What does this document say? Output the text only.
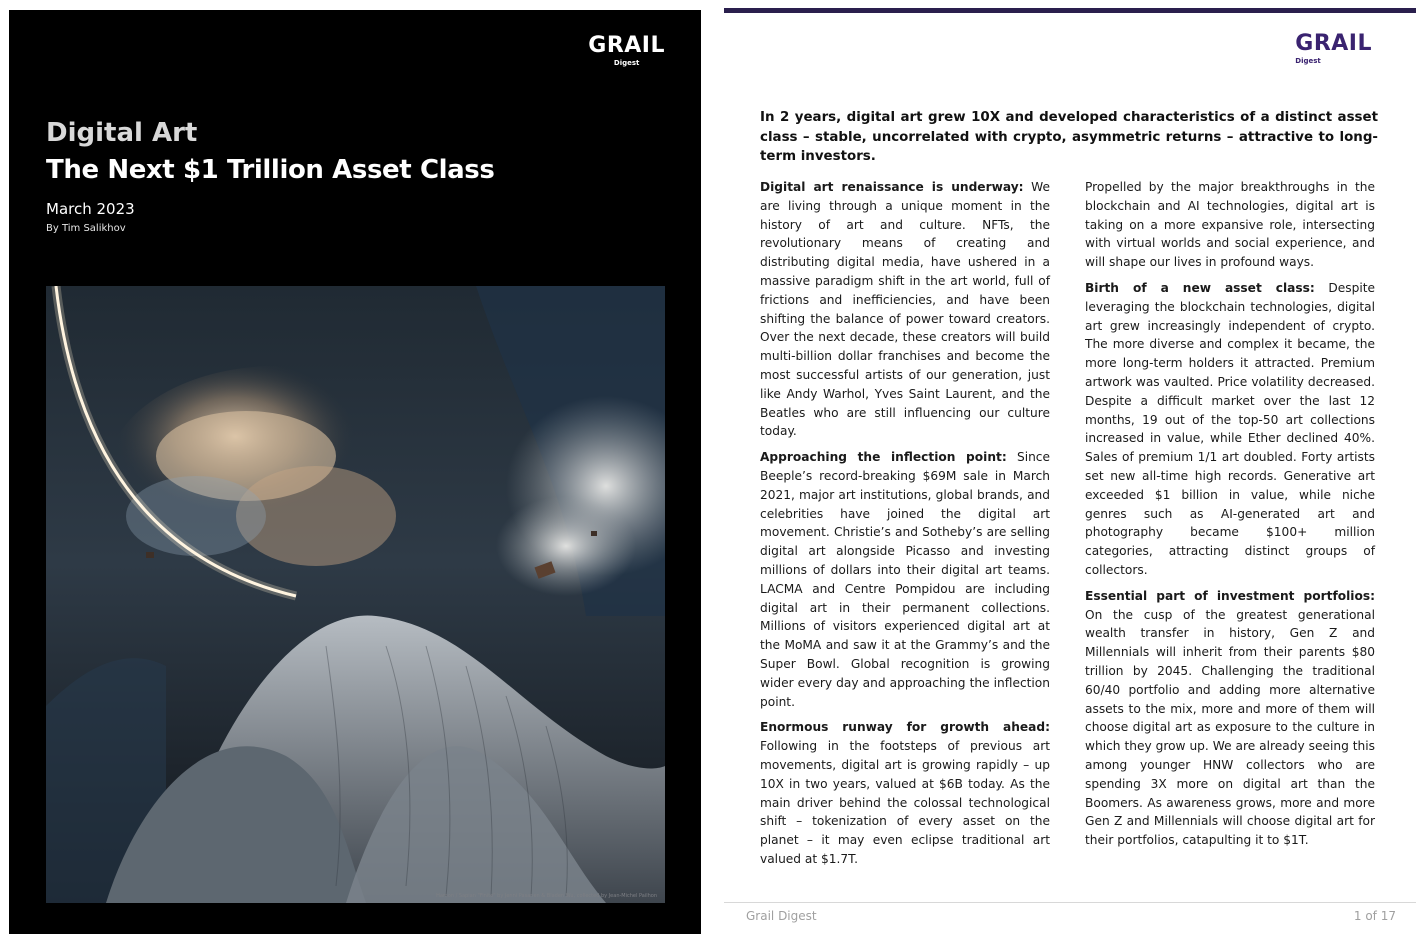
GRAIL
Digest
Digital Art
The Next $1 Trillion Asset Class
March 2023
By Tim Salikhov
Hamon / Sapian "Finite" by Jenni Pasanen & Bladen Wu, collected by Jean-Michel Pailhon
GRAIL
Digest

In 2 years, digital art grew 10X and developed characteristics of a distinct asset class – stable, uncorrelated with crypto, asymmetric returns – attractive to long-term investors.

Digital art renaissance is underway: We are living through a unique moment in the history of art and culture. NFTs, the revolutionary means of creating and distributing digital media, have ushered in a massive paradigm shift in the art world, full of frictions and inefficiencies, and have been shifting the balance of power toward creators. Over the next decade, these creators will build multi-billion dollar franchises and become the most successful artists of our generation, just like Andy Warhol, Yves Saint Laurent, and the Beatles who are still influencing our culture today.

Approaching the inflection point: Since Beeple’s record-breaking $69M sale in March 2021, major art institutions, global brands, and celebrities have joined the digital art movement. Christie’s and Sotheby’s are selling digital art alongside Picasso and investing millions of dollars into their digital art teams. LACMA and Centre Pompidou are including digital art in their permanent collections. Millions of visitors experienced digital art at the MoMA and saw it at the Grammy’s and the Super Bowl. Global recognition is growing wider every day and approaching the inflection point.

Enormous runway for growth ahead: Following in the footsteps of previous art movements, digital art is growing rapidly – up 10X in two years, valued at $6B today. As the main driver behind the colossal technological shift – tokenization of every asset on the planet – it may even eclipse traditional art valued at $1.7T.

Propelled by the major breakthroughs in the blockchain and AI technologies, digital art is taking on a more expansive role, intersecting with virtual worlds and social experience, and will shape our lives in profound ways.

Birth of a new asset class: Despite leveraging the blockchain technologies, digital art grew increasingly independent of crypto. The more diverse and complex it became, the more long-term holders it attracted. Premium artwork was vaulted. Price volatility decreased. Despite a difficult market over the last 12 months, 19 out of the top-50 art collections increased in value, while Ether declined 40%. Sales of premium 1/1 art doubled. Forty artists set new all-time high records. Generative art exceeded $1 billion in value, while niche genres such as AI-generated art and photography became $100+ million categories, attracting distinct groups of collectors.

Essential part of investment portfolios: On the cusp of the greatest generational wealth transfer in history, Gen Z and Millennials will inherit from their parents $80 trillion by 2045. Challenging the traditional 60/40 portfolio and adding more alternative assets to the mix, more and more of them will choose digital art as exposure to the culture in which they grow up. We are already seeing this among younger HNW collectors who are spending 3X more on digital art than the Boomers. As awareness grows, more and more Gen Z and Millennials will choose digital art for their portfolios, catapulting it to $1T.

Grail Digest	1 of 17
